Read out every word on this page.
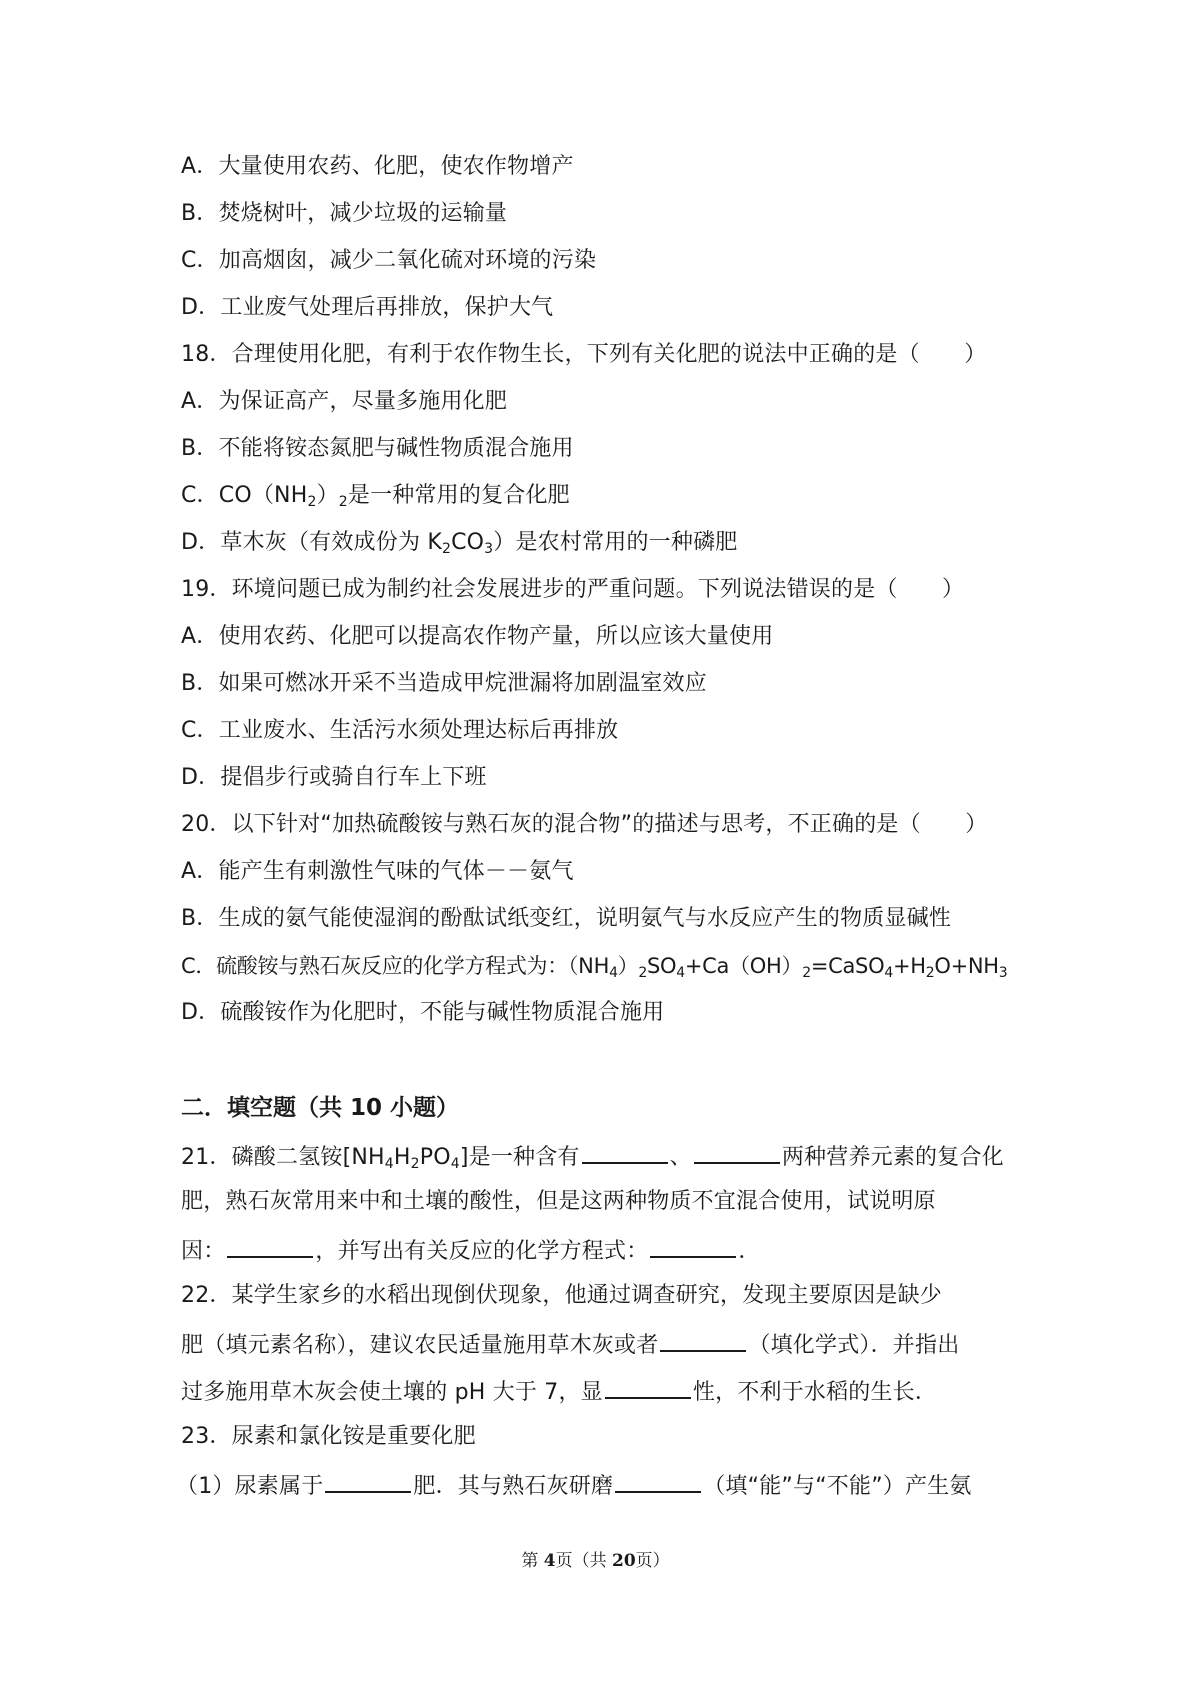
A．大量使用农药、化肥，使农作物增产
B．焚烧树叶，减少垃圾的运输量
C．加高烟囱，减少二氧化硫对环境的污染
D．工业废气处理后再排放，保护大气
18．合理使用化肥，有利于农作物生长，下列有关化肥的说法中正确的是（　　）
A．为保证高产，尽量多施用化肥
B．不能将铵态氮肥与碱性物质混合施用
19．环境问题已成为制约社会发展进步的严重问题。下列说法错误的是（　　）
A．使用农药、化肥可以提高农作物产量，所以应该大量使用
B．如果可燃冰开采不当造成甲烷泄漏将加剧温室效应
C．工业废水、生活污水须处理达标后再排放
D．提倡步行或骑自行车上下班
20．以下针对“加热硫酸铵与熟石灰的混合物”的描述与思考，不正确的是（　　）
A．能产生有刺激性气味的气体－－氨气
B．生成的氨气能使湿润的酚酞试纸变红，说明氨气与水反应产生的物质显碱性
D．硫酸铵作为化肥时，不能与碱性物质混合施用
C．$CO(NH_2)_2$是一种常用的复合化肥
D．草木灰（有效成份为 $K_2CO_3$）是农村常用的一种磷肥
C．硫酸铵与熟石灰反应的化学方程式为：$(NH_4)_2SO_4+Ca(OH)_2=CaSO_4+H_2O+NH_3$
二．填空题（共 10 小题）
21．磷酸二氢铵$[NH_4H_2PO_4]$是一种含有	、	两种营养元素的复合化
肥，熟石灰常用来中和土壤的酸性，但是这两种物质不宜混合使用，试说明原
因：	，并写出有关反应的化学方程式：	．
22．某学生家乡的水稻出现倒伏现象，他通过调查研究，发现主要原因是缺少
肥（填元素名称），建议农民适量施用草木灰或者	（填化学式）．并指出
过多施用草木灰会使土壤的 pH 大于 7，显	性，不利于水稻的生长．
23．尿素和氯化铵是重要化肥
（1）尿素属于	肥．其与熟石灰研磨	（填“能”与“不能”）产生氨
第 4页（共 20页）
